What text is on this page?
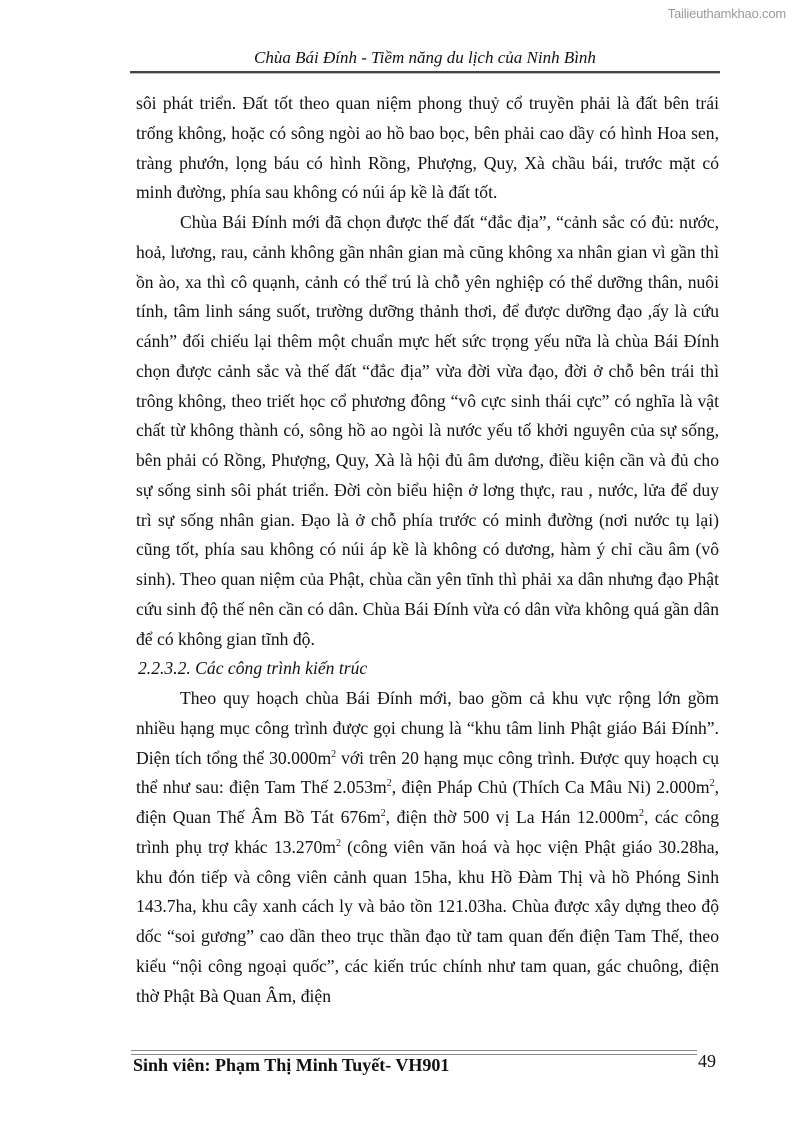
Tailieuthamkhao.com
Chùa Bái Đính - Tiềm năng du lịch của Ninh Bình

sôi phát triển. Đất tốt theo quan niệm phong thuỷ cổ truyền phải là đất bên trái trống không, hoặc có sông ngòi ao hồ bao bọc, bên phải cao dầy có hình Hoa sen, tràng phướn, lọng báu có hình Rồng, Phượng, Quy, Xà chầu bái, trước mặt có minh đường, phía sau không có núi áp kề là đất tốt.

Chùa Bái Đính mới đã chọn được thế đất “đắc địa”, “cảnh sắc có đủ: nước, hoả, lương, rau, cảnh không gần nhân gian mà cũng không xa nhân gian vì gần thì ồn ào, xa thì cô quạnh, cảnh có thể trú là chỗ yên nghiệp có thể dưỡng thân, nuôi tính, tâm linh sáng suốt, trường dưỡng thảnh thơi, để được dưỡng đạo ,ấy là cứu cánh” đối chiếu lại thêm một chuẩn mực hết sức trọng yếu nữa là chùa Bái Đính chọn được cảnh sắc và thế đất “đắc địa” vừa đời vừa đạo, đời ở chỗ bên trái thì trông không, theo triết học cổ phương đông “vô cực sinh thái cực” có nghĩa là vật chất từ không thành có, sông hồ ao ngòi là nước yếu tố khởi nguyên của sự sống, bên phải có Rồng, Phượng, Quy, Xà là hội đủ âm dương, điều kiện cần và đủ cho sự sống sinh sôi phát triển. Đời còn biểu hiện ở lơng thực, rau , nước, lửa để duy trì sự sống nhân gian. Đạo là ở chỗ phía trước có minh đường (nơi nước tụ lại) cũng tốt, phía sau không có núi áp kề là không có dương, hàm ý chỉ cầu âm (vô sinh). Theo quan niệm của Phật, chùa cần yên tĩnh thì phải xa dân nhưng đạo Phật cứu sinh độ thế nên cần có dân. Chùa Bái Đính vừa có dân vừa không quá gần dân để có không gian tĩnh độ.

2.2.3.2. Các công trình kiến trúc

Theo quy hoạch chùa Bái Đính mới, bao gồm cả khu vực rộng lớn gồm nhiều hạng mục công trình được gọi chung là “khu tâm linh Phật giáo Bái Đính”. Diện tích tổng thể $30.000m^2$ với trên 20 hạng mục công trình. Được quy hoạch cụ thể như sau: điện Tam Thế $2.053m^2$, điện Pháp Chủ (Thích Ca Mâu Ni) $2.000m^2$, điện Quan Thế Âm Bồ Tát $676m^2$, điện thờ 500 vị La Hán $12.000m^2$, các công trình phụ trợ khác $13.270m^2$ (công viên văn hoá và học viện Phật giáo 30.28ha, khu đón tiếp và công viên cảnh quan 15ha, khu Hồ Đàm Thị và hồ Phóng Sinh 143.7ha, khu cây xanh cách ly và bảo tồn 121.03ha. Chùa được xây dựng theo độ dốc “soi gương” cao dần theo trục thần đạo từ tam quan đến điện Tam Thế, theo kiểu “nội công ngoại quốc”, các kiến trúc chính như tam quan, gác chuông, điện thờ Phật Bà Quan Âm, điện

Sinh viên: Phạm Thị Minh Tuyết- VH901	49
